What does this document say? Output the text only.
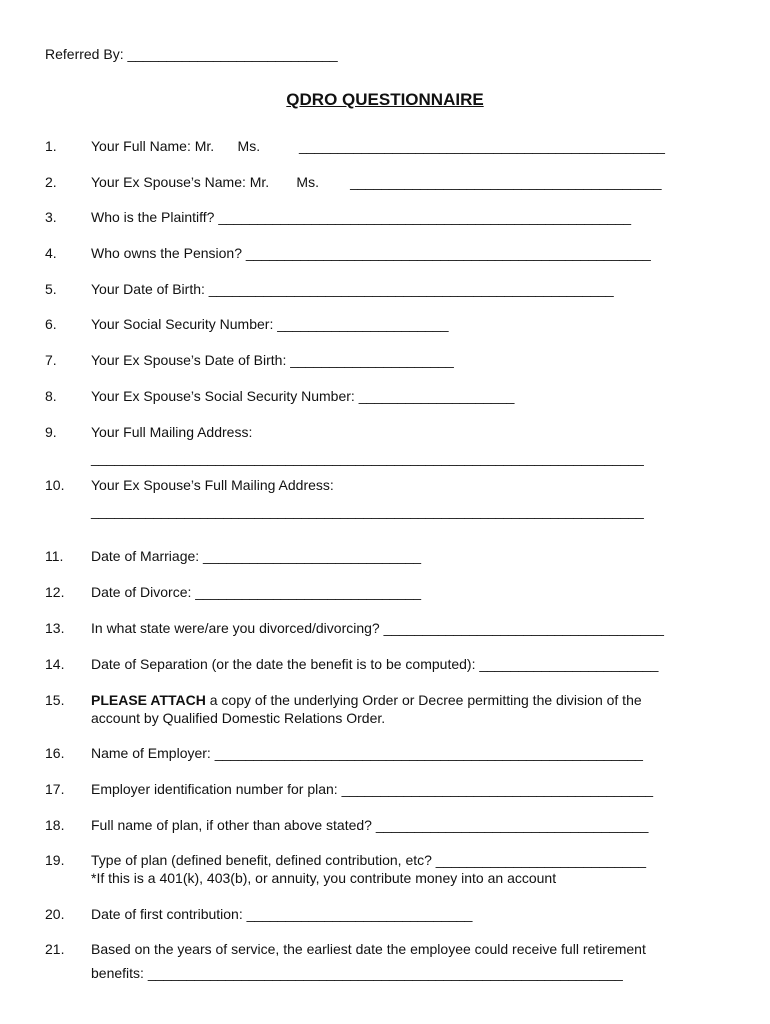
Referred By: ___________________________
QDRO QUESTIONNAIRE
1. Your Full Name: Mr.      Ms.          _______________________________________________
2. Your Ex Spouse’s Name: Mr.       Ms.        ________________________________________
3. Who is the Plaintiff? _____________________________________________________
4. Who owns the Pension? ____________________________________________________
5. Your Date of Birth: ____________________________________________________
6. Your Social Security Number: ______________________
7. Your Ex Spouse’s Date of Birth: _____________________
8. Your Ex Spouse’s Social Security Number: ____________________
9. Your Full Mailing Address:
_______________________________________________________________________
10. Your Ex Spouse’s Full Mailing Address:
_______________________________________________________________________
11. Date of Marriage: ____________________________
12. Date of Divorce: _____________________________
13. In what state were/are you divorced/divorcing? ____________________________________
14. Date of Separation (or the date the benefit is to be computed): _______________________
15. PLEASE ATTACH a copy of the underlying Order or Decree permitting the division of the
account by Qualified Domestic Relations Order.
16. Name of Employer: _______________________________________________________
17. Employer identification number for plan: ________________________________________
18. Full name of plan, if other than above stated? ___________________________________
19. Type of plan (defined benefit, defined contribution, etc? ___________________________
*If this is a 401(k), 403(b), or annuity, you contribute money into an account
20. Date of first contribution: _____________________________
21. Based on the years of service, the earliest date the employee could receive full retirement
benefits: _____________________________________________________________
